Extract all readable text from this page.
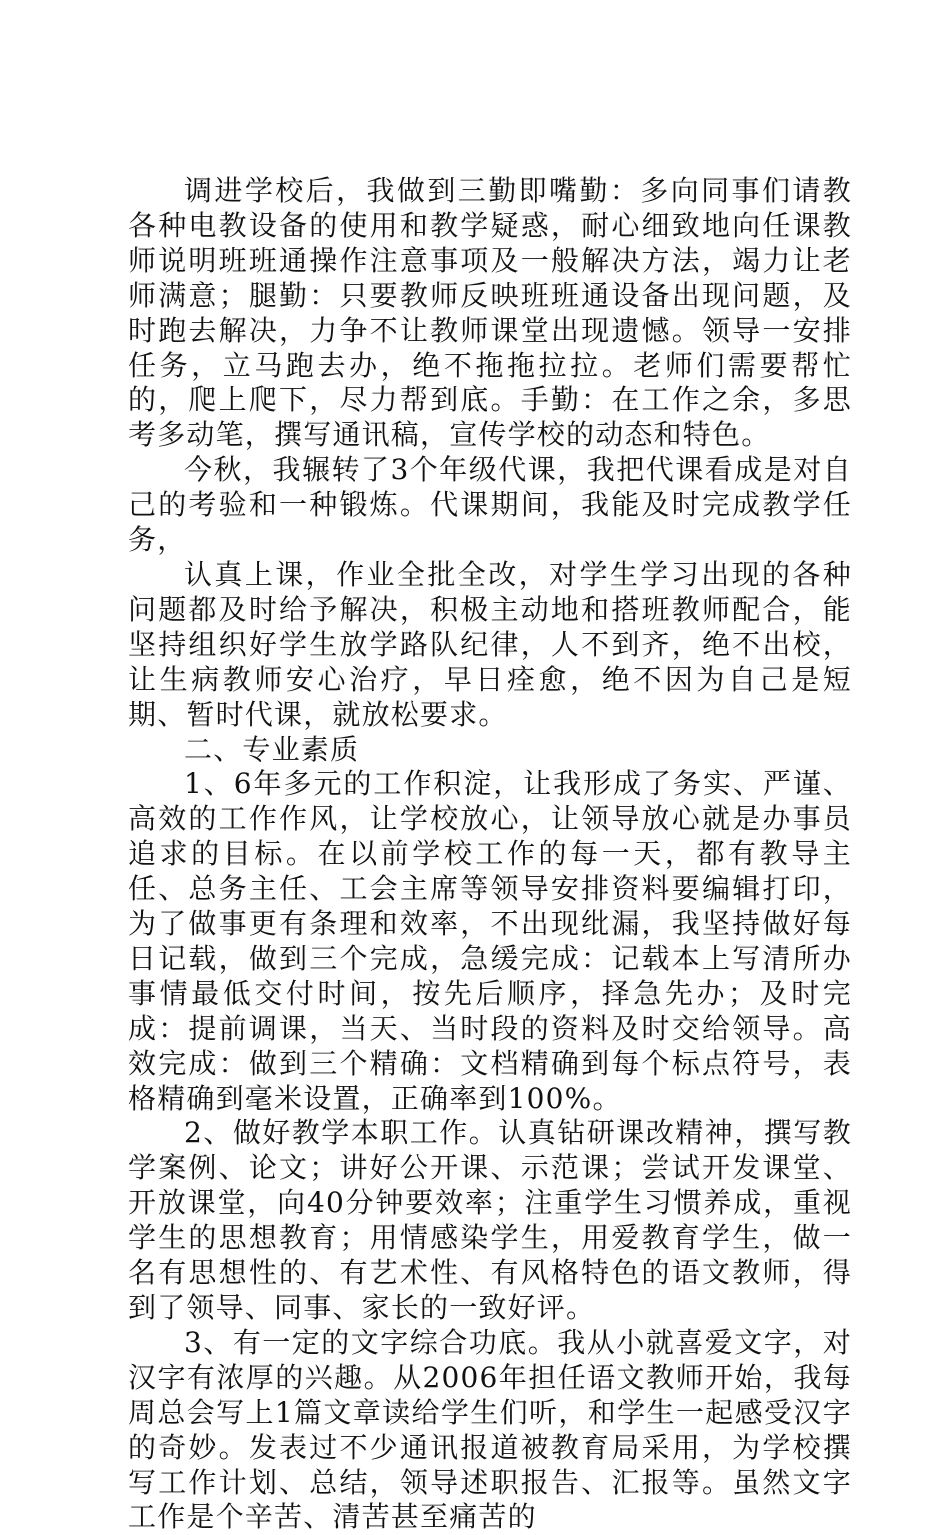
调进学校后，我做到三勤即嘴勤：多向同事们请教各种电教设备的使用和教学疑惑，耐心细致地向任课教师说明班班通操作注意事项及一般解决方法，竭力让老师满意；腿勤：只要教师反映班班通设备出现问题，及时跑去解决，力争不让教师课堂出现遗憾。领导一安排任务，立马跑去办，绝不拖拖拉拉。老师们需要帮忙的，爬上爬下，尽力帮到底。手勤：在工作之余，多思考多动笔，撰写通讯稿，宣传学校的动态和特色。

今秋，我辗转了3个年级代课，我把代课看成是对自己的考验和一种锻炼。代课期间，我能及时完成教学任务，

认真上课，作业全批全改，对学生学习出现的各种问题都及时给予解决，积极主动地和搭班教师配合，能坚持组织好学生放学路队纪律，人不到齐，绝不出校，让生病教师安心治疗，早日痊愈，绝不因为自己是短期、暂时代课，就放松要求。

二、专业素质

1、6年多元的工作积淀，让我形成了务实、严谨、高效的工作作风，让学校放心，让领导放心就是办事员追求的目标。在以前学校工作的每一天，都有教导主任、总务主任、工会主席等领导安排资料要编辑打印，为了做事更有条理和效率，不出现纰漏，我坚持做好每日记载，做到三个完成，急缓完成：记载本上写清所办事情最低交付时间，按先后顺序，择急先办；及时完成：提前调课，当天、当时段的资料及时交给领导。高效完成：做到三个精确：文档精确到每个标点符号，表格精确到毫米设置，正确率到100%。

2、做好教学本职工作。认真钻研课改精神，撰写教学案例、论文；讲好公开课、示范课；尝试开发课堂、开放课堂，向40分钟要效率；注重学生习惯养成，重视学生的思想教育；用情感染学生，用爱教育学生，做一名有思想性的、有艺术性、有风格特色的语文教师，得到了领导、同事、家长的一致好评。

3、有一定的文字综合功底。我从小就喜爱文字，对汉字有浓厚的兴趣。从2006年担任语文教师开始，我每周总会写上1篇文章读给学生们听，和学生一起感受汉字的奇妙。发表过不少通讯报道被教育局采用，为学校撰写工作计划、总结，领导述职报告、汇报等。虽然文字工作是个辛苦、清苦甚至痛苦的
